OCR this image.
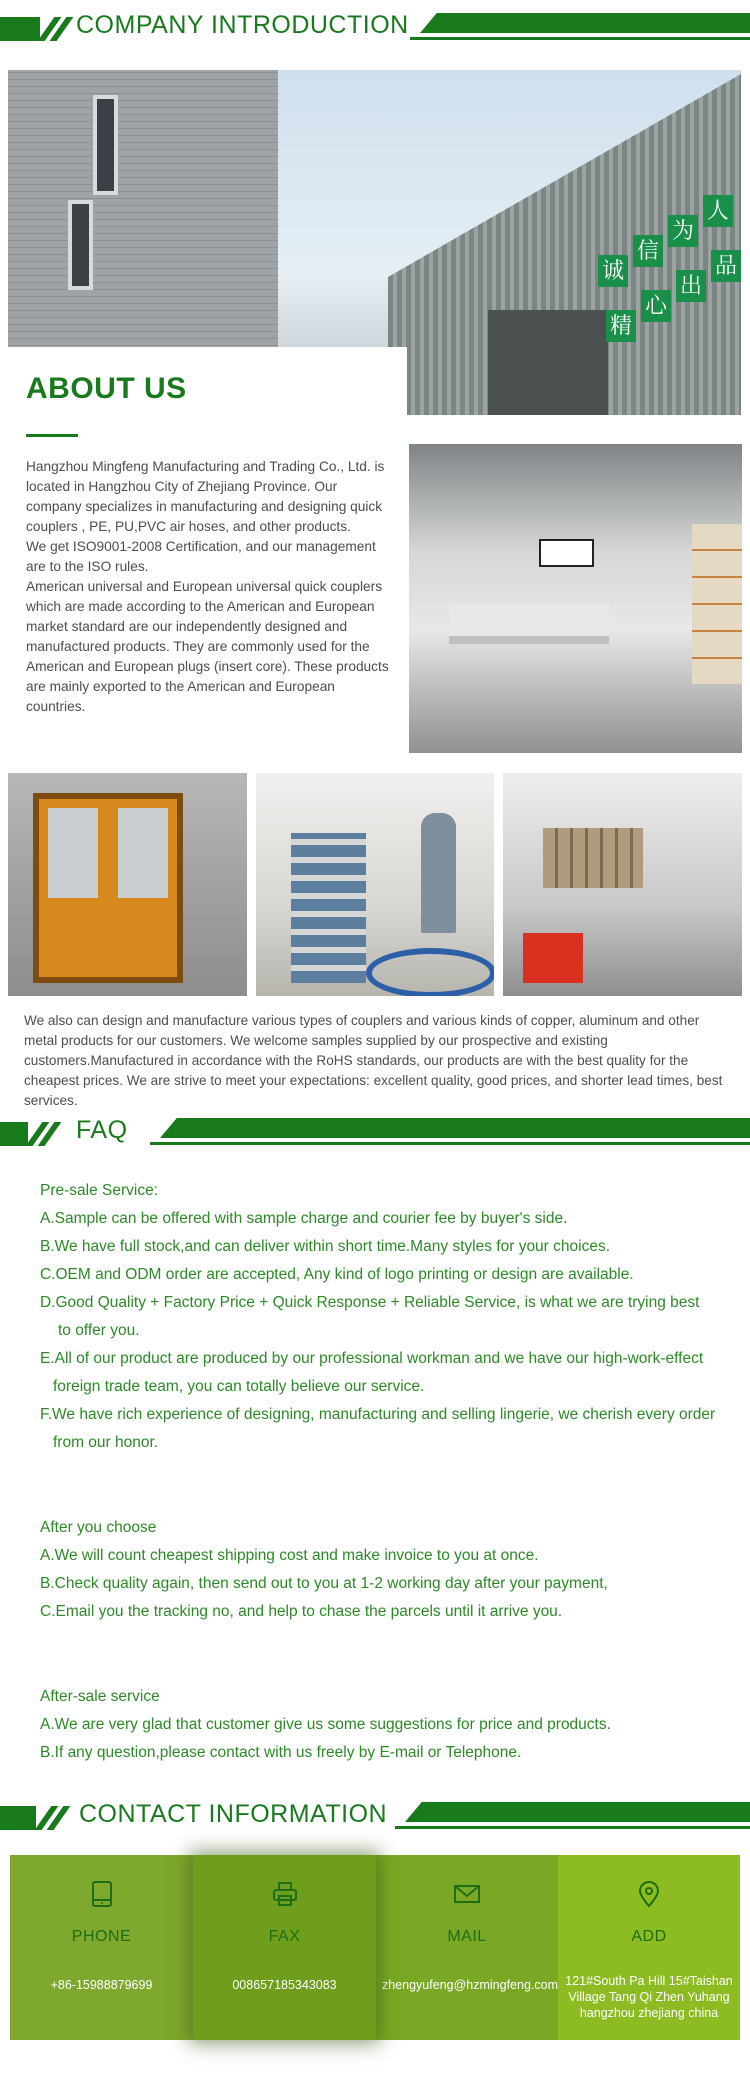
COMPANY INTRODUCTION
诚
信
为
人
精
心
出
品
ABOUT US

Hangzhou Mingfeng Manufacturing and Trading Co., Ltd. is located in Hangzhou City of Zhejiang Province. Our company specializes in manufacturing and designing quick couplers , PE, PU,PVC air hoses, and other products.

We get ISO9001-2008 Certification, and our management are to the ISO rules.

American universal and European universal quick couplers which are made according to the American and European market standard are our independently designed and manufactured products. They are commonly used for the American and European plugs (insert core). These products are mainly exported to the American and European countries.

We also can design and manufacture various types of couplers and various kinds of copper, aluminum and other metal products for our customers. We welcome samples supplied by our prospective and existing customers.Manufactured in accordance with the RoHS standards, our products are with the best quality for the cheapest prices. We are strive to meet your expectations: excellent quality, good prices, and shorter lead times, best services.
FAQ
Pre-sale Service:
A.Sample can be offered with sample charge and courier fee by buyer's side.
B.We have full stock,and can deliver within short time.Many styles for your choices.
C.OEM and ODM order are accepted, Any kind of logo printing or design are available.
D.Good Quality + Factory Price + Quick Response + Reliable Service, is what we are trying best
to offer you.
E.All of our product are produced by our professional workman and we have our high-work-effect
foreign trade team, you can totally believe our service.
F.We have rich experience of designing, manufacturing and selling lingerie, we cherish every order
from our honor.
After you choose
A.We will count cheapest shipping cost and make invoice to you at once.
B.Check quality again, then send out to you at 1-2 working day after your payment,
C.Email you the tracking no, and help to chase the parcels until it arrive you.
After-sale service
A.We are very glad that customer give us some suggestions for price and products.
B.If any question,please contact with us freely by E-mail or Telephone.
CONTACT INFORMATION
PHONE
+86-15988879699
FAX
008657185343083
MAIL
zhengyufeng@hzmingfeng.com
ADD
121#South Pa Hill 15#Taishan Village Tang Qi Zhen Yuhang hangzhou zhejiang china
